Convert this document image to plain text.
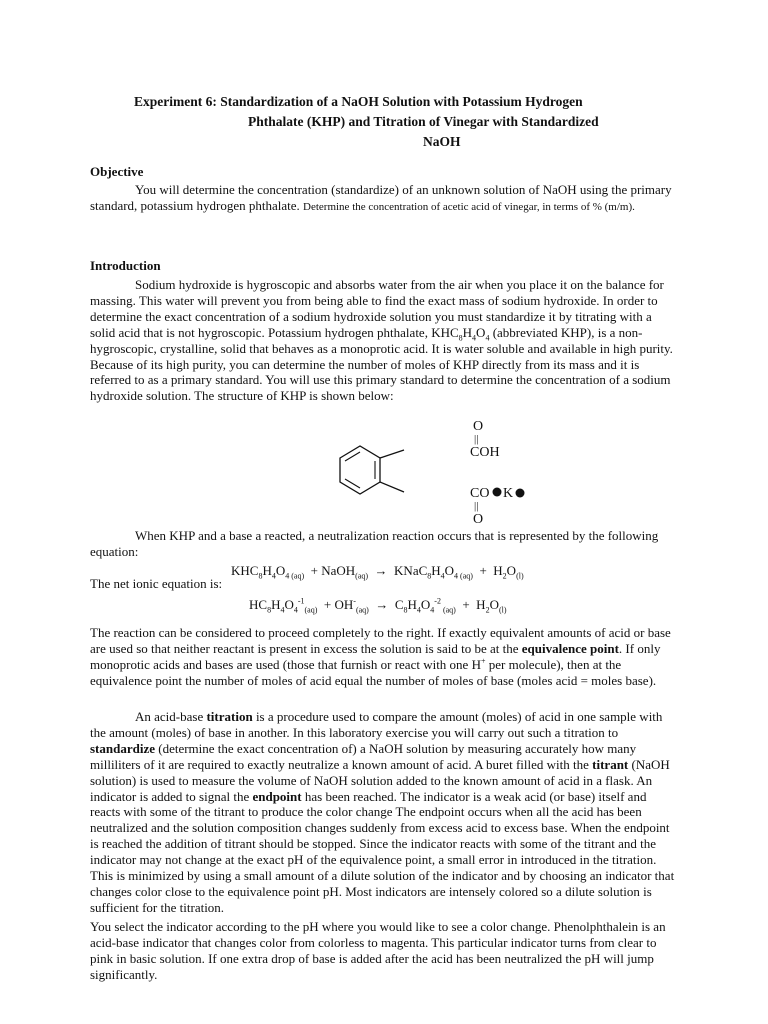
Experiment 6: Standardization of a NaOH Solution with Potassium Hydrogen
Phthalate (KHP) and Titration of Vinegar with Standardized
NaOH
Objective
You will determine the concentration (standardize) of an unknown solution of NaOH using the primary standard, potassium hydrogen phthalate. Determine the concentration of acetic acid of vinegar, in terms of % (m/m).
Introduction
Sodium hydroxide is hygroscopic and absorbs water from the air when you place it on the balance for massing. This water will prevent you from being able to find the exact mass of sodium hydroxide. In order to determine the exact concentration of a sodium hydroxide solution you must standardize it by titrating with a solid acid that is not hygroscopic. Potassium hydrogen phthalate, $KHC_8H_4O_4$ (abbreviated KHP), is a non-hygroscopic, crystalline, solid that behaves as a monoprotic acid. It is water soluble and available in high purity. Because of its high purity, you can determine the number of moles of KHP directly from its mass and it is referred to as a primary standard. You will use this primary standard to determine the concentration of a sodium hydroxide solution. The structure of KHP is shown below:
O
||
COH
CO K
||
O
When KHP and a base a reacted, a neutralization reaction occurs that is represented by the following equation:
$KHC_8H_4O_{4 (aq)}$  + NaOH$_{(aq)}$  →  $KNaC_8H_4O_{4 (aq)} + H_2O_{(l)}$
The net ionic equation is:
$HC_8H_4O_4^{-1}_{(aq)} + OH^-_{(aq)} \to C_8H_4O_4^{-2}$ $_{(aq)} + H_2O_{(l)}$
The reaction can be considered to proceed completely to the right. If exactly equivalent amounts of acid or base are used so that neither reactant is present in excess the solution is said to be at the equivalence point. If only monoprotic acids and bases are used (those that furnish or react with one H+ per molecule), then at the equivalence point the number of moles of acid equal the number of moles of base (moles acid = moles base).
An acid-base titration is a procedure used to compare the amount (moles) of acid in one sample with the amount (moles) of base in another. In this laboratory exercise you will carry out such a titration to standardize (determine the exact concentration of) a NaOH solution by measuring accurately how many milliliters of it are required to exactly neutralize a known amount of acid. A buret filled with the titrant (NaOH solution) is used to measure the volume of NaOH solution added to the known amount of acid in a flask. An indicator is added to signal the endpoint has been reached. The indicator is a weak acid (or base) itself and reacts with some of the titrant to produce the color change The endpoint occurs when all the acid has been neutralized and the solution composition changes suddenly from excess acid to excess base. When the endpoint is reached the addition of titrant should be stopped. Since the indicator reacts with some of the titrant and the indicator may not change at the exact pH of the equivalence point, a small error in introduced in the titration. This is minimized by using a small amount of a dilute solution of the indicator and by choosing an indicator that changes color close to the equivalence point pH. Most indicators are intensely colored so a dilute solution is sufficient for the titration.
You select the indicator according to the pH where you would like to see a color change. Phenolphthalein is an acid-base indicator that changes color from colorless to magenta. This particular indicator turns from clear to pink in basic solution. If one extra drop of base is added after the acid has been neutralized the pH will jump significantly.
